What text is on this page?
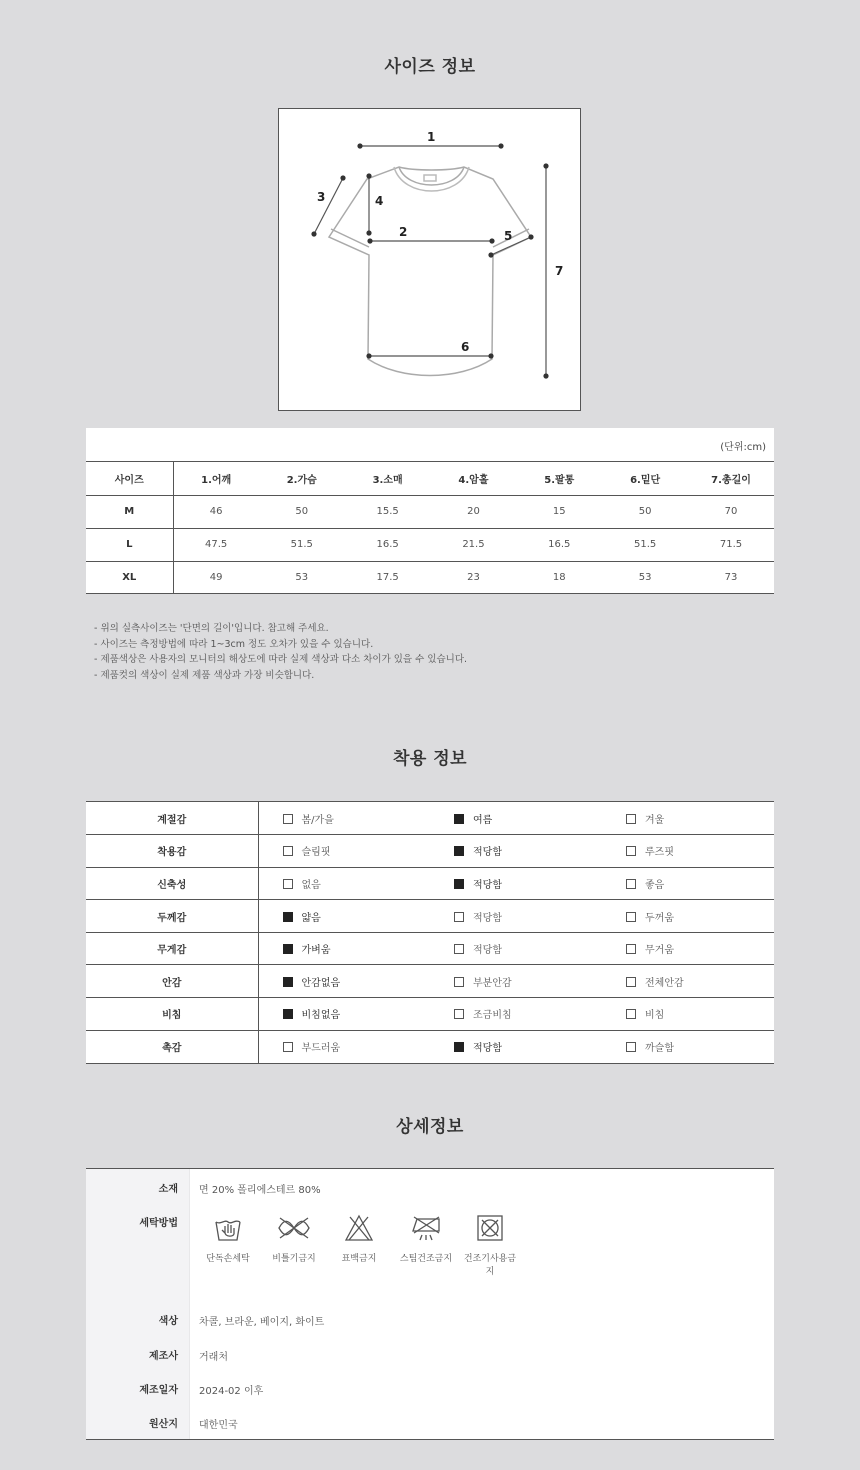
사이즈 정보
1
2
3	4
5
6
7
(단위:cm)
사이즈	1.어깨	2.가슴	3.소매	4.암홀	5.팔통	6.밑단	7.총길이
M	46	50	15.5	20	15	50	70
L	47.5	51.5	16.5	21.5	16.5	51.5	71.5
XL	49	53	17.5	23	18	53	73
- 위의 실측사이즈는 '단면의 길이'입니다. 참고해 주세요.
- 사이즈는 측정방법에 따라 1~3cm 정도 오차가 있을 수 있습니다.
- 제품색상은 사용자의 모니터의 해상도에 따라 실제 색상과 다소 차이가 있을 수 있습니다.
- 제품컷의 색상이 실제 제품 색상과 가장 비슷합니다.
착용 정보
계절감	봄/가을	여름	겨울
착용감	슬림핏	적당함	루즈핏
신축성	없음	적당함	좋음
두께감	얇음	적당함	두꺼움
무게감	가벼움	적당함	무거움
안감	안감없음	부분안감	전체안감
비침	비침없음	조금비침	비침
촉감	부드러움	적당함	까슬함
상세정보
소재 면 20% 폴리에스테르 80%
세탁방법
단독손세탁	비틀기금지	표백금지	스팀건조금지	건조기사용금지
색상 차콜, 브라운, 베이지, 화이트
제조사 거래처
제조일자 2024-02 이후
원산지 대한민국
